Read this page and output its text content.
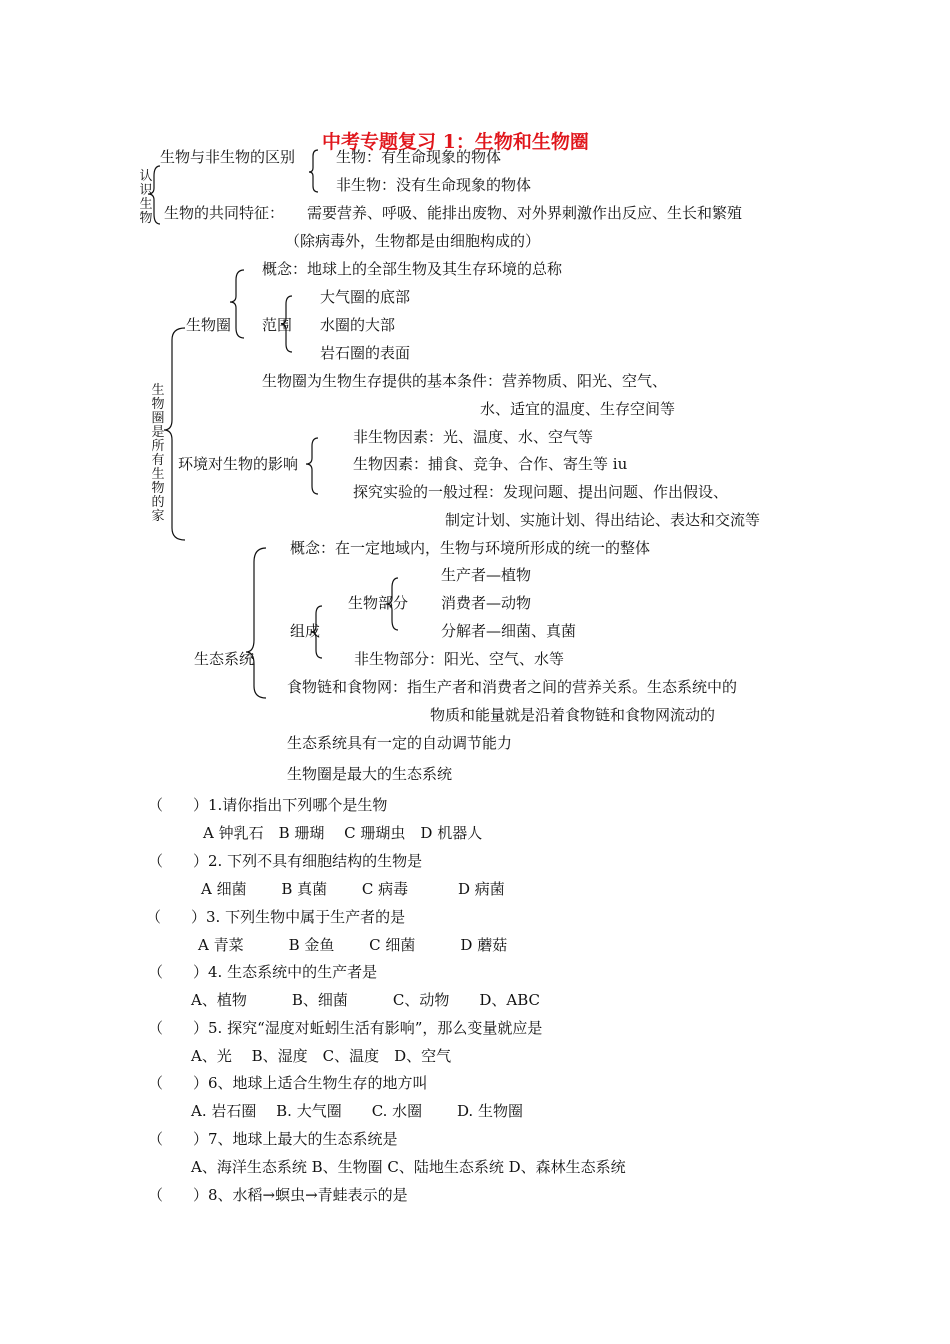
中考专题复习 1：生物和生物圈
认识生物
生物与非生物的区别	生物：有生命现象的物体
非生物：没有生命现象的物体
生物的共同特征： 需要营养、呼吸、能排出废物、对外界刺激作出反应、生长和繁殖
（除病毒外，生物都是由细胞构成的）
生物圈是所有生物的家
生物圈
概念：地球上的全部生物及其生存环境的总称
范围
大气圈的底部
水圈的大部
岩石圈的表面
生物圈为生物生存提供的基本条件：营养物质、阳光、空气、
水、适宜的温度、生存空间等
环境对生物的影响
非生物因素：光、温度、水、空气等
生物因素：捕食、竞争、合作、寄生等 iu
探究实验的一般过程：发现问题、提出问题、作出假设、
制定计划、实施计划、得出结论、表达和交流等
生态系统
概念：在一定地域内，生物与环境所形成的统一的整体
组成
生物部分
生产者—植物
消费者—动物
分解者—细菌、真菌
非生物部分：阳光、空气、水等
食物链和食物网：指生产者和消费者之间的营养关系。生态系统中的
物质和能量就是沿着食物链和食物网流动的
生态系统具有一定的自动调节能力
生物圈是最大的生态系统
（　　）1.请你指出下列哪个是生物
A 钟乳石　B 珊瑚　 C 珊瑚虫　D 机器人
（　　）2. 下列不具有细胞结构的生物是
A 细菌　　 B 真菌　　 C 病毒　　　 D 病菌
（　　）3. 下列生物中属于生产者的是
A 青菜　　　B 金鱼　　 C 细菌　　　D 蘑菇
（　　）4. 生态系统中的生产者是
A、植物　　　B、细菌　　　C、动物　　D、ABC
（　　）5. 探究“湿度对蚯蚓生活有影响”，那么变量就应是
A、光　 B、湿度　C、温度　D、空气
（　　）6、地球上适合生物生存的地方叫
A. 岩石圈　 B. 大气圈　　C. 水圈　　 D. 生物圈
（　　）7、地球上最大的生态系统是
A、海洋生态系统 B、生物圈 C、陆地生态系统 D、森林生态系统
（　　）8、水稻→螟虫→青蛙表示的是
